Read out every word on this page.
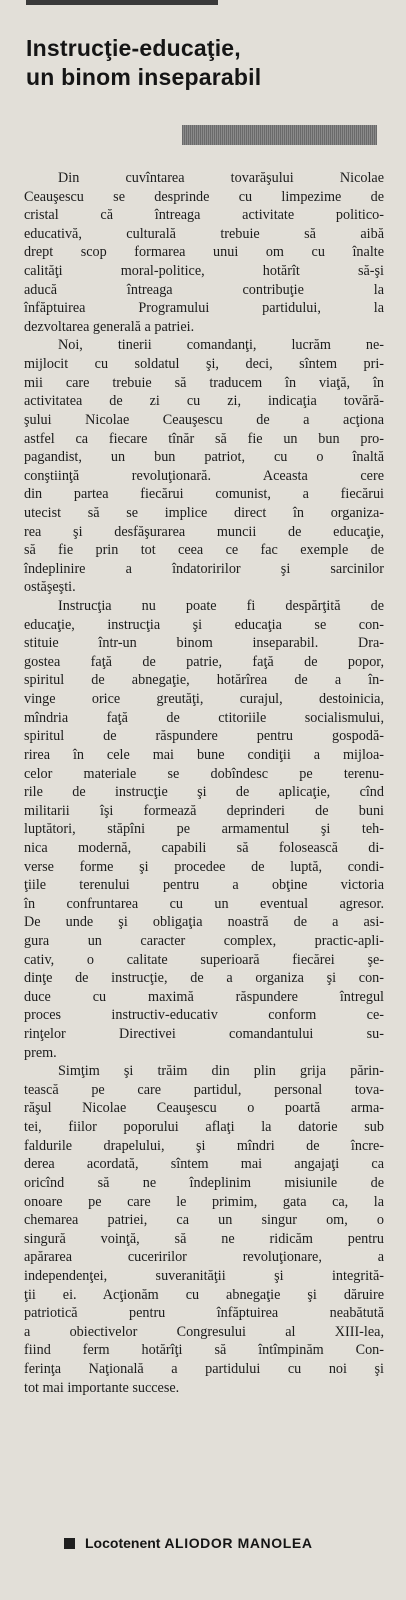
Instrucţie-educaţie,
un binom inseparabil
Din cuvîntarea tovarăşului Nicolae
Ceauşescu se desprinde cu limpezime de
cristal că întreaga activitate politico-
educativă, culturală trebuie să aibă
drept scop formarea unui om cu înalte
calităţi moral-politice, hotărît să-şi
aducă întreaga contribuţie la
înfăptuirea Programului partidului, la
dezvoltarea generală a patriei.
Noi, tinerii comandanţi, lucrăm ne-
mijlocit cu soldatul şi, deci, sîntem pri-
mii care trebuie să traducem în viaţă, în
activitatea de zi cu zi, indicaţia tovără-
şului Nicolae Ceauşescu de a acţiona
astfel ca fiecare tînăr să fie un bun pro-
pagandist, un bun patriot, cu o înaltă
conştiinţă revoluţionară. Aceasta cere
din partea fiecărui comunist, a fiecărui
utecist să se implice direct în organiza-
rea şi desfăşurarea muncii de educaţie,
să fie prin tot ceea ce fac exemple de
îndeplinire a îndatoririlor şi sarcinilor
ostăşeşti.
Instrucţia nu poate fi despărţită de
educaţie, instrucţia şi educaţia se con-
stituie într-un binom inseparabil. Dra-
gostea faţă de patrie, faţă de popor,
spiritul de abnegaţie, hotărîrea de a în-
vinge orice greutăţi, curajul, destoinicia,
mîndria faţă de ctitoriile socialismului,
spiritul de răspundere pentru gospodă-
rirea în cele mai bune condiţii a mijloa-
celor materiale se dobîndesc pe terenu-
rile de instrucţie şi de aplicaţie, cînd
militarii îşi formează deprinderi de buni
luptători, stăpîni pe armamentul şi teh-
nica modernă, capabili să folosească di-
verse forme şi procedee de luptă, condi-
ţiile terenului pentru a obţine victoria
în confruntarea cu un eventual agresor.
De unde şi obligaţia noastră de a asi-
gura un caracter complex, practic-apli-
cativ, o calitate superioară fiecărei şe-
dinţe de instrucţie, de a organiza şi con-
duce cu maximă răspundere întregul
proces instructiv-educativ conform ce-
rinţelor Directivei comandantului su-
prem.
Simţim şi trăim din plin grija părin-
tească pe care partidul, personal tova-
răşul Nicolae Ceauşescu o poartă arma-
tei, fiilor poporului aflaţi la datorie sub
faldurile drapelului, şi mîndri de încre-
derea acordată, sîntem mai angajaţi ca
oricînd să ne îndeplinim misiunile de
onoare pe care le primim, gata ca, la
chemarea patriei, ca un singur om, o
singură voinţă, să ne ridicăm pentru
apărarea cuceririlor revoluţionare, a
independenţei, suveranităţii şi integrită-
ţii ei. Acţionăm cu abnegaţie şi dăruire
patriotică pentru înfăptuirea neabătută
a obiectivelor Congresului al XIII-lea,
fiind ferm hotărîţi să întîmpinăm Con-
ferinţa Naţională a partidului cu noi şi
tot mai importante succese.
Locotenent ALIODOR MANOLEA
